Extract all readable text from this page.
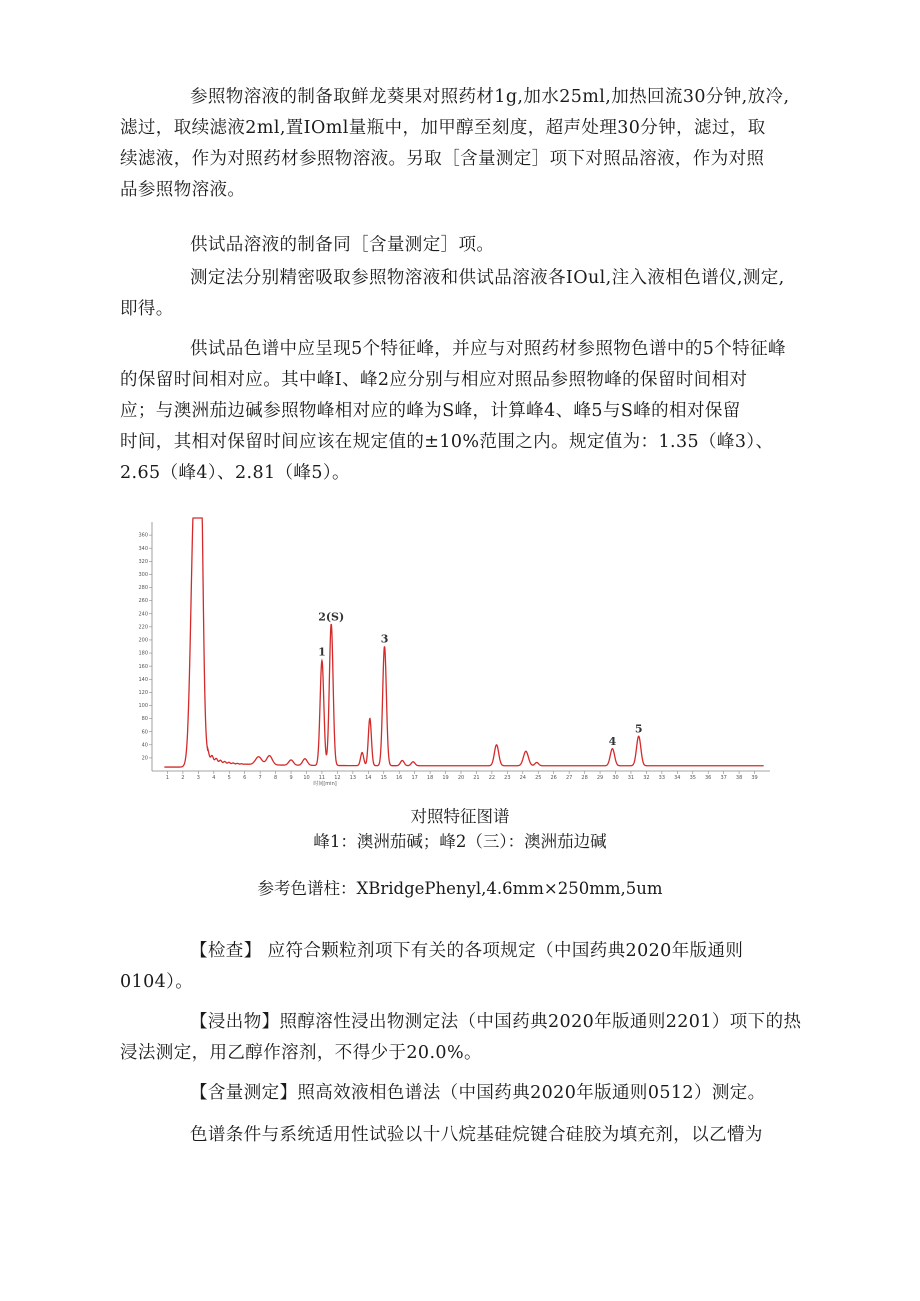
参照物溶液的制备取鲜龙葵果对照药材1g,加水25ml,加热回流30分钟,放冷,
滤过，取续滤液2ml,置IOml量瓶中，加甲醇至刻度，超声处理30分钟，滤过，取
续滤液，作为对照药材参照物溶液。另取［含量测定］项下对照品溶液，作为对照
品参照物溶液。
供试品溶液的制备同［含量测定］项。
测定法分别精密吸取参照物溶液和供试品溶液各IOul,注入液相色谱仪,测定,
即得。
供试品色谱中应呈现5个特征峰，并应与对照药材参照物色谱中的5个特征峰
的保留时间相对应。其中峰I、峰2应分别与相应对照品参照物峰的保留时间相对
应；与澳洲茄边碱参照物峰相对应的峰为S峰，计算峰4、峰5与S峰的相对保留
时间，其相对保留时间应该在规定值的±10%范围之内。规定值为：1.35（峰3）、
2.65（峰4）、2.81（峰5）。
20
40
60
80
100
120
140
160
180
200
220
240
260
280
300
320
340
360
1 2 3 4 5 6 7 8 9 10 11 12 13 14 15 16 17 18 19 20 21 22 23 24 25 26 27 28 29 30 31 32 33 34 35 36 37 38 39
时间[min]
1
2(S)
3
4
5

对照特征图谱

峰1：澳洲茄碱；峰2（三）：澳洲茄边碱

参考色谱柱：XBridgePhenyl,4.6mm×250mm,5um

【检查】 应符合颗粒剂项下有关的各项规定（中国药典2020年版通则
0104）。
【浸出物】照醇溶性浸出物测定法（中国药典2020年版通则2201）项下的热
浸法测定，用乙醇作溶剂，不得少于20.0%。
【含量测定】照高效液相色谱法（中国药典2020年版通则0512）测定。
色谱条件与系统适用性试验以十八烷基硅烷键合硅胶为填充剂，以乙懵为
